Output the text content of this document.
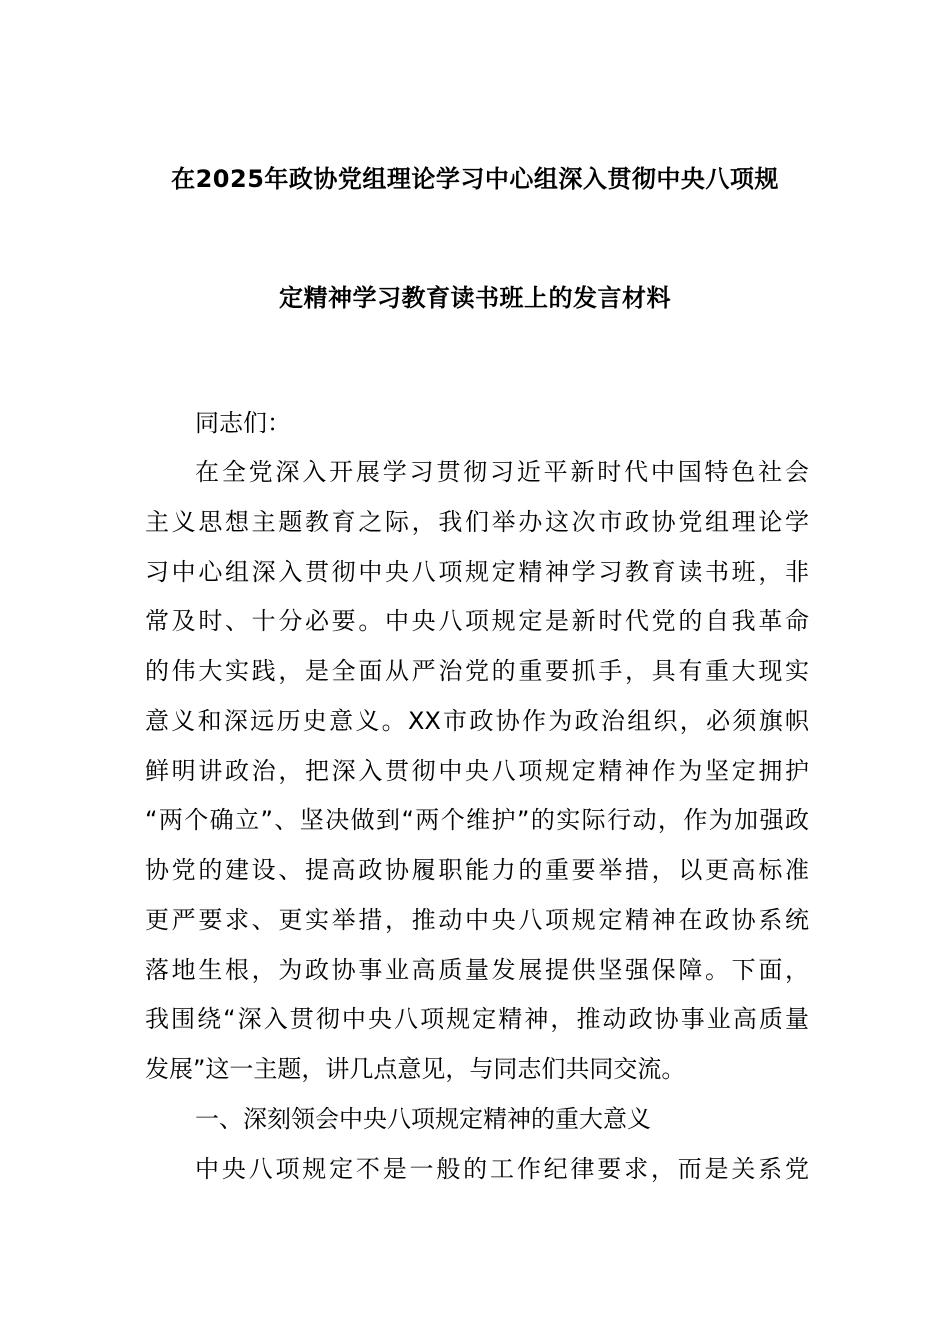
在2025年政协党组理论学习中心组深入贯彻中央八项规
定精神学习教育读书班上的发言材料
同志们：
在全党深入开展学习贯彻习近平新时代中国特色社会
主义思想主题教育之际，我们举办这次市政协党组理论学
习中心组深入贯彻中央八项规定精神学习教育读书班，非
常及时、十分必要。中央八项规定是新时代党的自我革命
的伟大实践，是全面从严治党的重要抓手，具有重大现实
意义和深远历史意义。XX市政协作为政治组织，必须旗帜
鲜明讲政治，把深入贯彻中央八项规定精神作为坚定拥护
“两个确立”、坚决做到“两个维护”的实际行动，作为加强政
协党的建设、提高政协履职能力的重要举措，以更高标准
更严要求、更实举措，推动中央八项规定精神在政协系统
落地生根，为政协事业高质量发展提供坚强保障。下面，
我围绕“深入贯彻中央八项规定精神，推动政协事业高质量
发展”这一主题，讲几点意见，与同志们共同交流。
一、深刻领会中央八项规定精神的重大意义
中央八项规定不是一般的工作纪律要求，而是关系党
